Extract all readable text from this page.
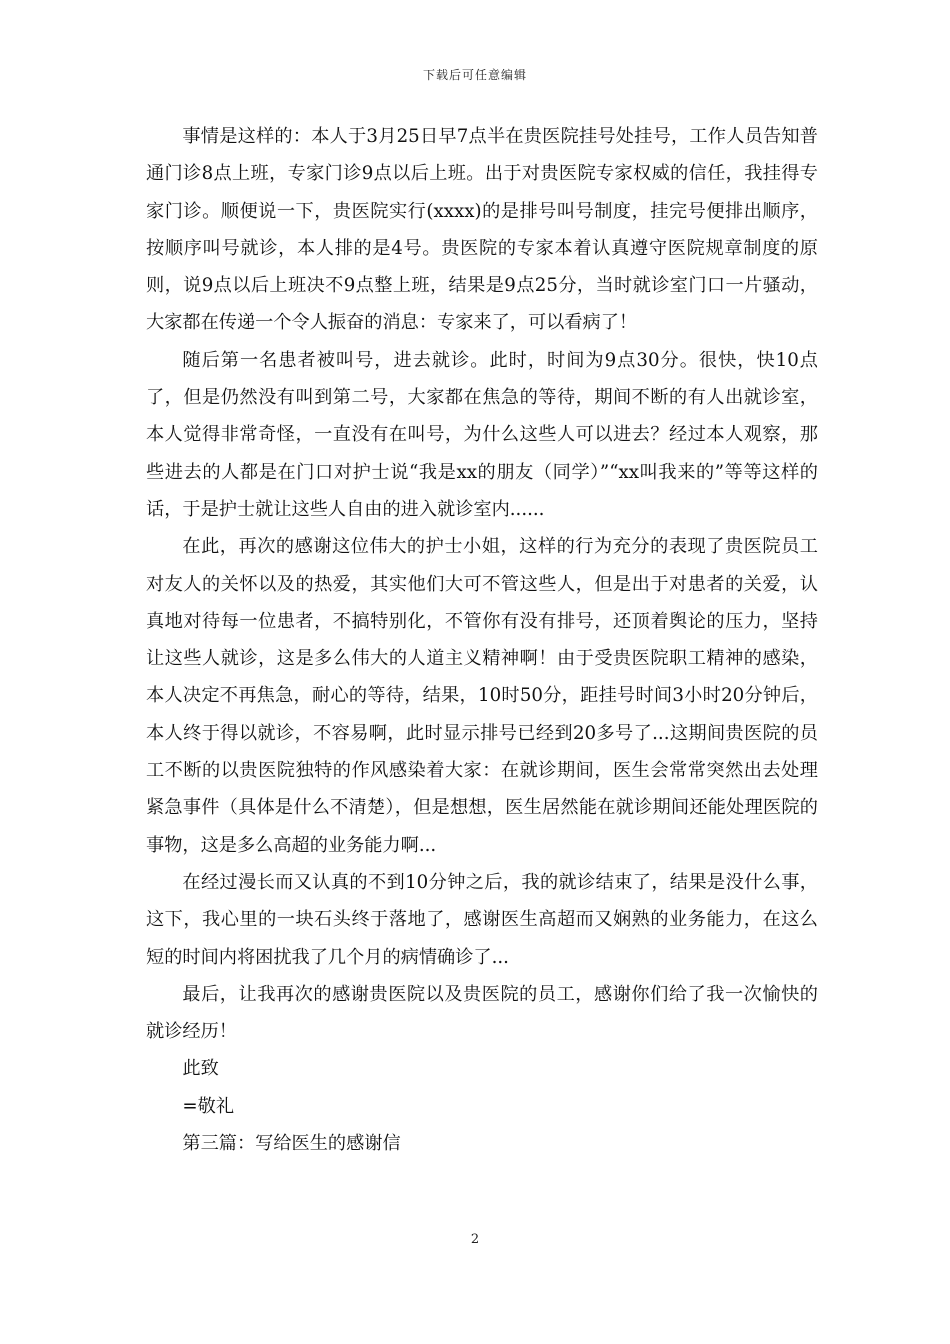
下载后可任意编辑

事情是这样的：本人于3月25日早7点半在贵医院挂号处挂号，工作人员告知普通门诊8点上班，专家门诊9点以后上班。出于对贵医院专家权威的信任，我挂得专家门诊。顺便说一下，贵医院实行(xxxx)的是排号叫号制度，挂完号便排出顺序，按顺序叫号就诊，本人排的是4号。贵医院的专家本着认真遵守医院规章制度的原则，说9点以后上班决不9点整上班，结果是9点25分，当时就诊室门口一片骚动，大家都在传递一个令人振奋的消息：专家来了，可以看病了！

随后第一名患者被叫号，进去就诊。此时，时间为9点30分。很快，快10点了，但是仍然没有叫到第二号，大家都在焦急的等待，期间不断的有人出就诊室，本人觉得非常奇怪，一直没有在叫号，为什么这些人可以进去？经过本人观察，那些进去的人都是在门口对护士说“我是xx的朋友（同学）”“xx叫我来的”等等这样的话，于是护士就让这些人自由的进入就诊室内......

在此，再次的感谢这位伟大的护士小姐，这样的行为充分的表现了贵医院员工对友人的关怀以及的热爱，其实他们大可不管这些人，但是出于对患者的关爱，认真地对待每一位患者，不搞特别化，不管你有没有排号，还顶着舆论的压力，坚持让这些人就诊，这是多么伟大的人道主义精神啊！由于受贵医院职工精神的感染，本人决定不再焦急，耐心的等待，结果，10时50分，距挂号时间3小时20分钟后，本人终于得以就诊，不容易啊，此时显示排号已经到20多号了...这期间贵医院的员工不断的以贵医院独特的作风感染着大家：在就诊期间，医生会常常突然出去处理紧急事件（具体是什么不清楚），但是想想，医生居然能在就诊期间还能处理医院的事物，这是多么高超的业务能力啊...

在经过漫长而又认真的不到10分钟之后，我的就诊结束了，结果是没什么事，这下，我心里的一块石头终于落地了，感谢医生高超而又娴熟的业务能力，在这么短的时间内将困扰我了几个月的病情确诊了...

最后，让我再次的感谢贵医院以及贵医院的员工，感谢你们给了我一次愉快的就诊经历！

此致

=敬礼

第三篇：写给医生的感谢信

2
